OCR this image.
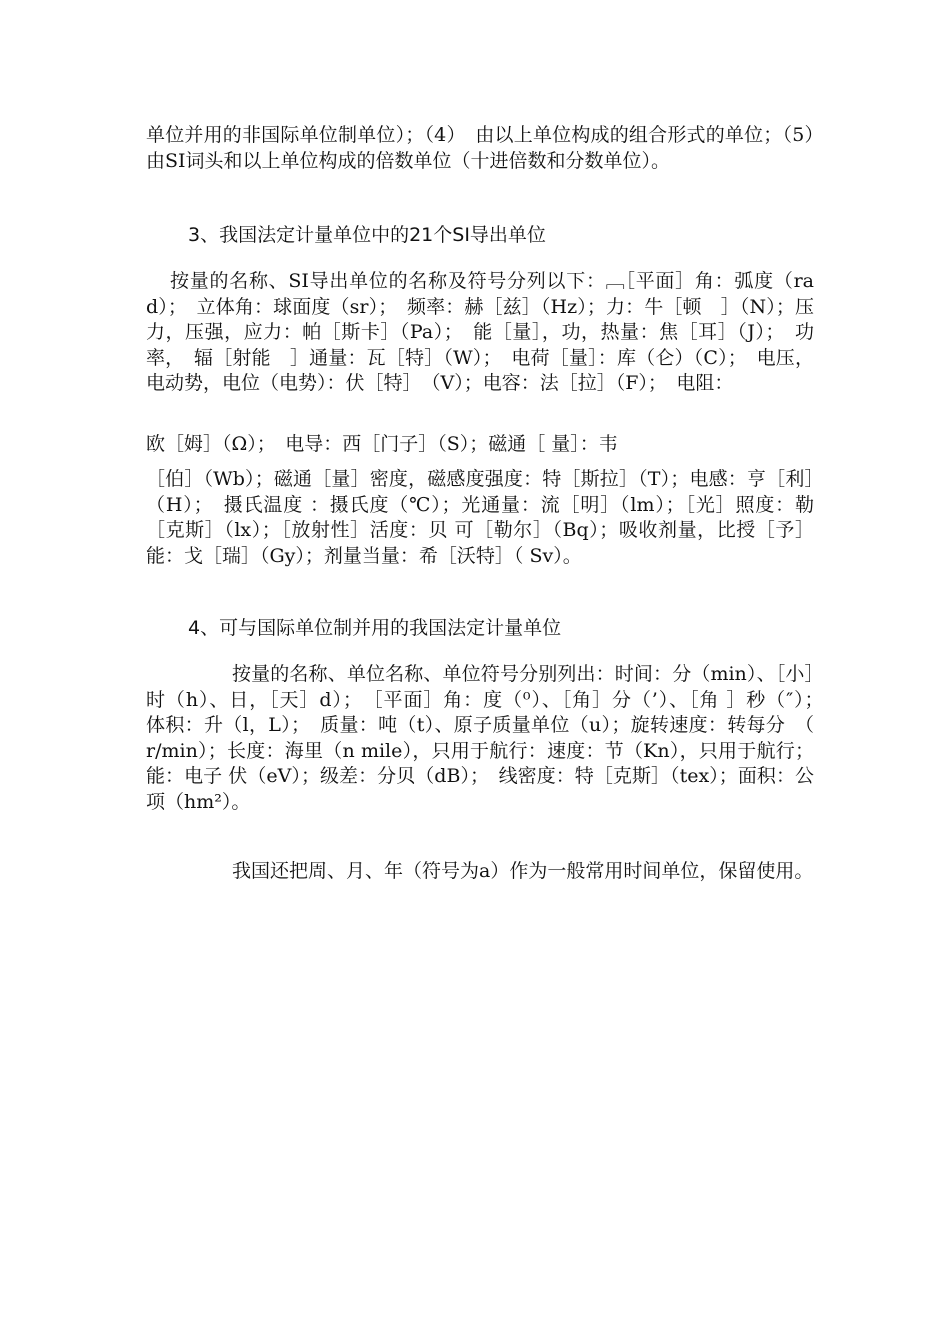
单位并用的非国际单位制单位）；（4）　由以上单位构成的组合形式的单位；（5）　由SI词头和以上单位构成的倍数单位（十进倍数和分数单位）。
3、我国法定计量单位中的21个SI导出单位
按量的名称、SI导出单位的名称及符号分列以下：﹇［平面］角：弧度（rad）；　立体角：球面度（sr）；　频率：赫［兹］（Hz）；力：牛［顿　］（N）；压力，压强，应力：帕［斯卡］（Pa）；　能［量］，功，热量：焦［耳］（J）；　功率，　辐［射能　］通量：瓦［特］（W）；　电荷［量］：库（仑）（C）；　电压，电动势，电位（电势）：伏［特］　（V）；电容：法［拉］（F）；　电阻：
欧［姆］（Ω）；　电导：西［门子］（S）；磁通［ 量］：韦
［伯］（Wb）；磁通［量］密度，磁感度强度：特［斯拉］（T）；电感：亨［利］（H）；　摄氏温度 ：摄氏度（℃）；光通量：流［明］（lm）；［光］照度：勒［克斯］（lx）；［放射性］活度：贝 可［勒尔］（Bq）；吸收剂量，比授［予］能：戈［瑞］（Gy）；剂量当量：希［沃特］（ Sv）。
4、可与国际单位制并用的我国法定计量单位
按量的名称、单位名称、单位符号分别列出：时间：分（min）、［小］时（h）、日，［天］d）；　［平面］角：度（⁰）、［角］分（’）、［角 ］秒（″）；　体积：升（l，L）；　质量：吨（t）、原子质量单位（u）；旋转速度：转每分　（ r/min）；长度：海里（n mile），只用于航行：速度：节（Kn），只用于航行；能：电子 伏（eV）；级差：分贝（dB）；　线密度：特［克斯］（tex）；面积：公项（hm²）。
我国还把周、月、年（符号为a）作为一般常用时间单位，保留使用。
